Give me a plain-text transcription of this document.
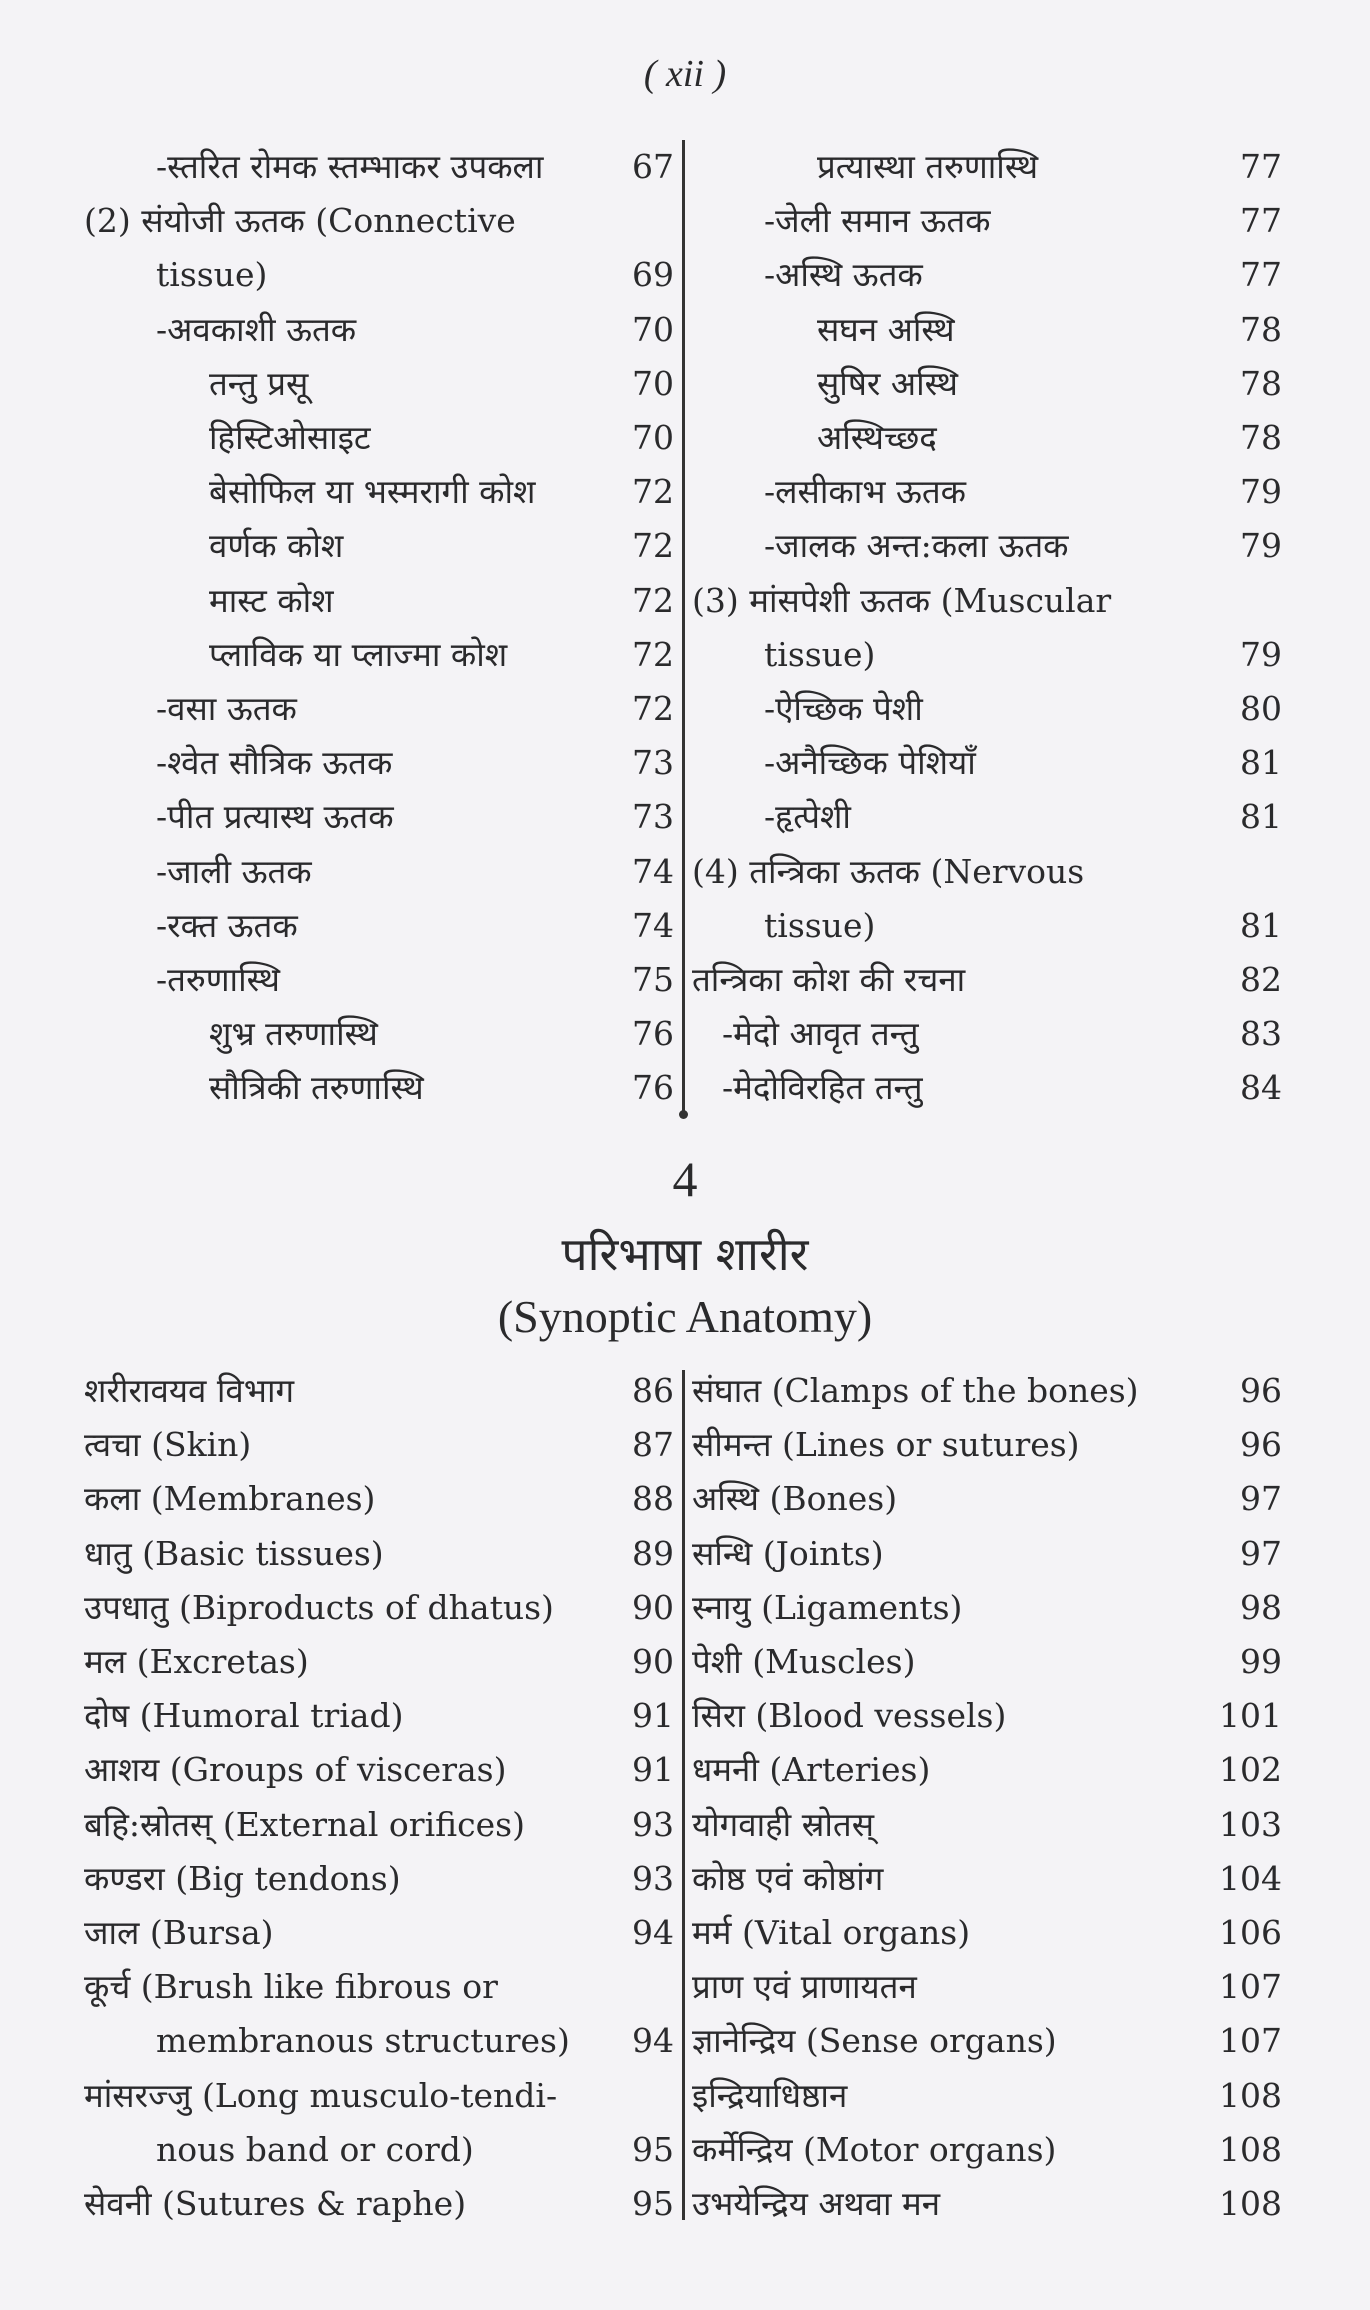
( xii )
-स्तरित रोमक स्तम्भाकर उपकला	67
(2) संयोजी ऊतक (Connective
tissue)	69
-अवकाशी ऊतक	70
तन्तु प्रसू	70
हिस्टिओसाइट	70
बेसोफिल या भस्मरागी कोश	72
वर्णक कोश	72
मास्ट कोश	72
प्लाविक या प्लाज्मा कोश	72
-वसा ऊतक	72
-श्वेत सौत्रिक ऊतक	73
-पीत प्रत्यास्थ ऊतक	73
-जाली ऊतक	74
-रक्त ऊतक	74
-तरुणास्थि	75
शुभ्र तरुणास्थि	76
सौत्रिकी तरुणास्थि	76
प्रत्यास्था तरुणास्थि	77
-जेली समान ऊतक	77
-अस्थि ऊतक	77
सघन अस्थि	78
सुषिर अस्थि	78
अस्थिच्छद	78
-लसीकाभ ऊतक	79
-जालक अन्त:कला ऊतक	79
(3) मांसपेशी ऊतक (Muscular
tissue)	79
-ऐच्छिक पेशी	80
-अनैच्छिक पेशियाँ	81
-हृत्पेशी	81
(4) तन्त्रिका ऊतक (Nervous
tissue)	81
तन्त्रिका कोश की रचना	82
-मेदो आवृत तन्तु	83
-मेदोविरहित तन्तु	84
4
परिभाषा शारीर
(Synoptic Anatomy)
शरीरावयव विभाग	86
त्वचा (Skin)	87
कला (Membranes)	88
धातु (Basic tissues)	89
उपधातु (Biproducts of dhatus) 90
मल (Excretas)	90
दोष (Humoral triad)	91
आशय (Groups of visceras)	91
बहि:स्रोतस् (External orifices)	93
कण्डरा (Big tendons)	93
जाल (Bursa)	94
कूर्च (Brush like fibrous or
membranous structures) 94
मांसरज्जु (Long musculo-tendi-
nous band or cord)	95
सेवनी (Sutures & raphe)	95
संघात (Clamps of the bones)	96
सीमन्त (Lines or sutures)	96
अस्थि (Bones)	97
सन्धि (Joints)	97
स्नायु (Ligaments)	98
पेशी (Muscles)	99
सिरा (Blood vessels)	101
धमनी (Arteries)	102
योगवाही स्रोतस्	103
कोष्ठ एवं कोष्ठांग	104
मर्म (Vital organs)	106
प्राण एवं प्राणायतन	107
ज्ञानेन्द्रिय (Sense organs)	107
इन्द्रियाधिष्ठान	108
कर्मेन्द्रिय (Motor organs)	108
उभयेन्द्रिय अथवा मन	108
